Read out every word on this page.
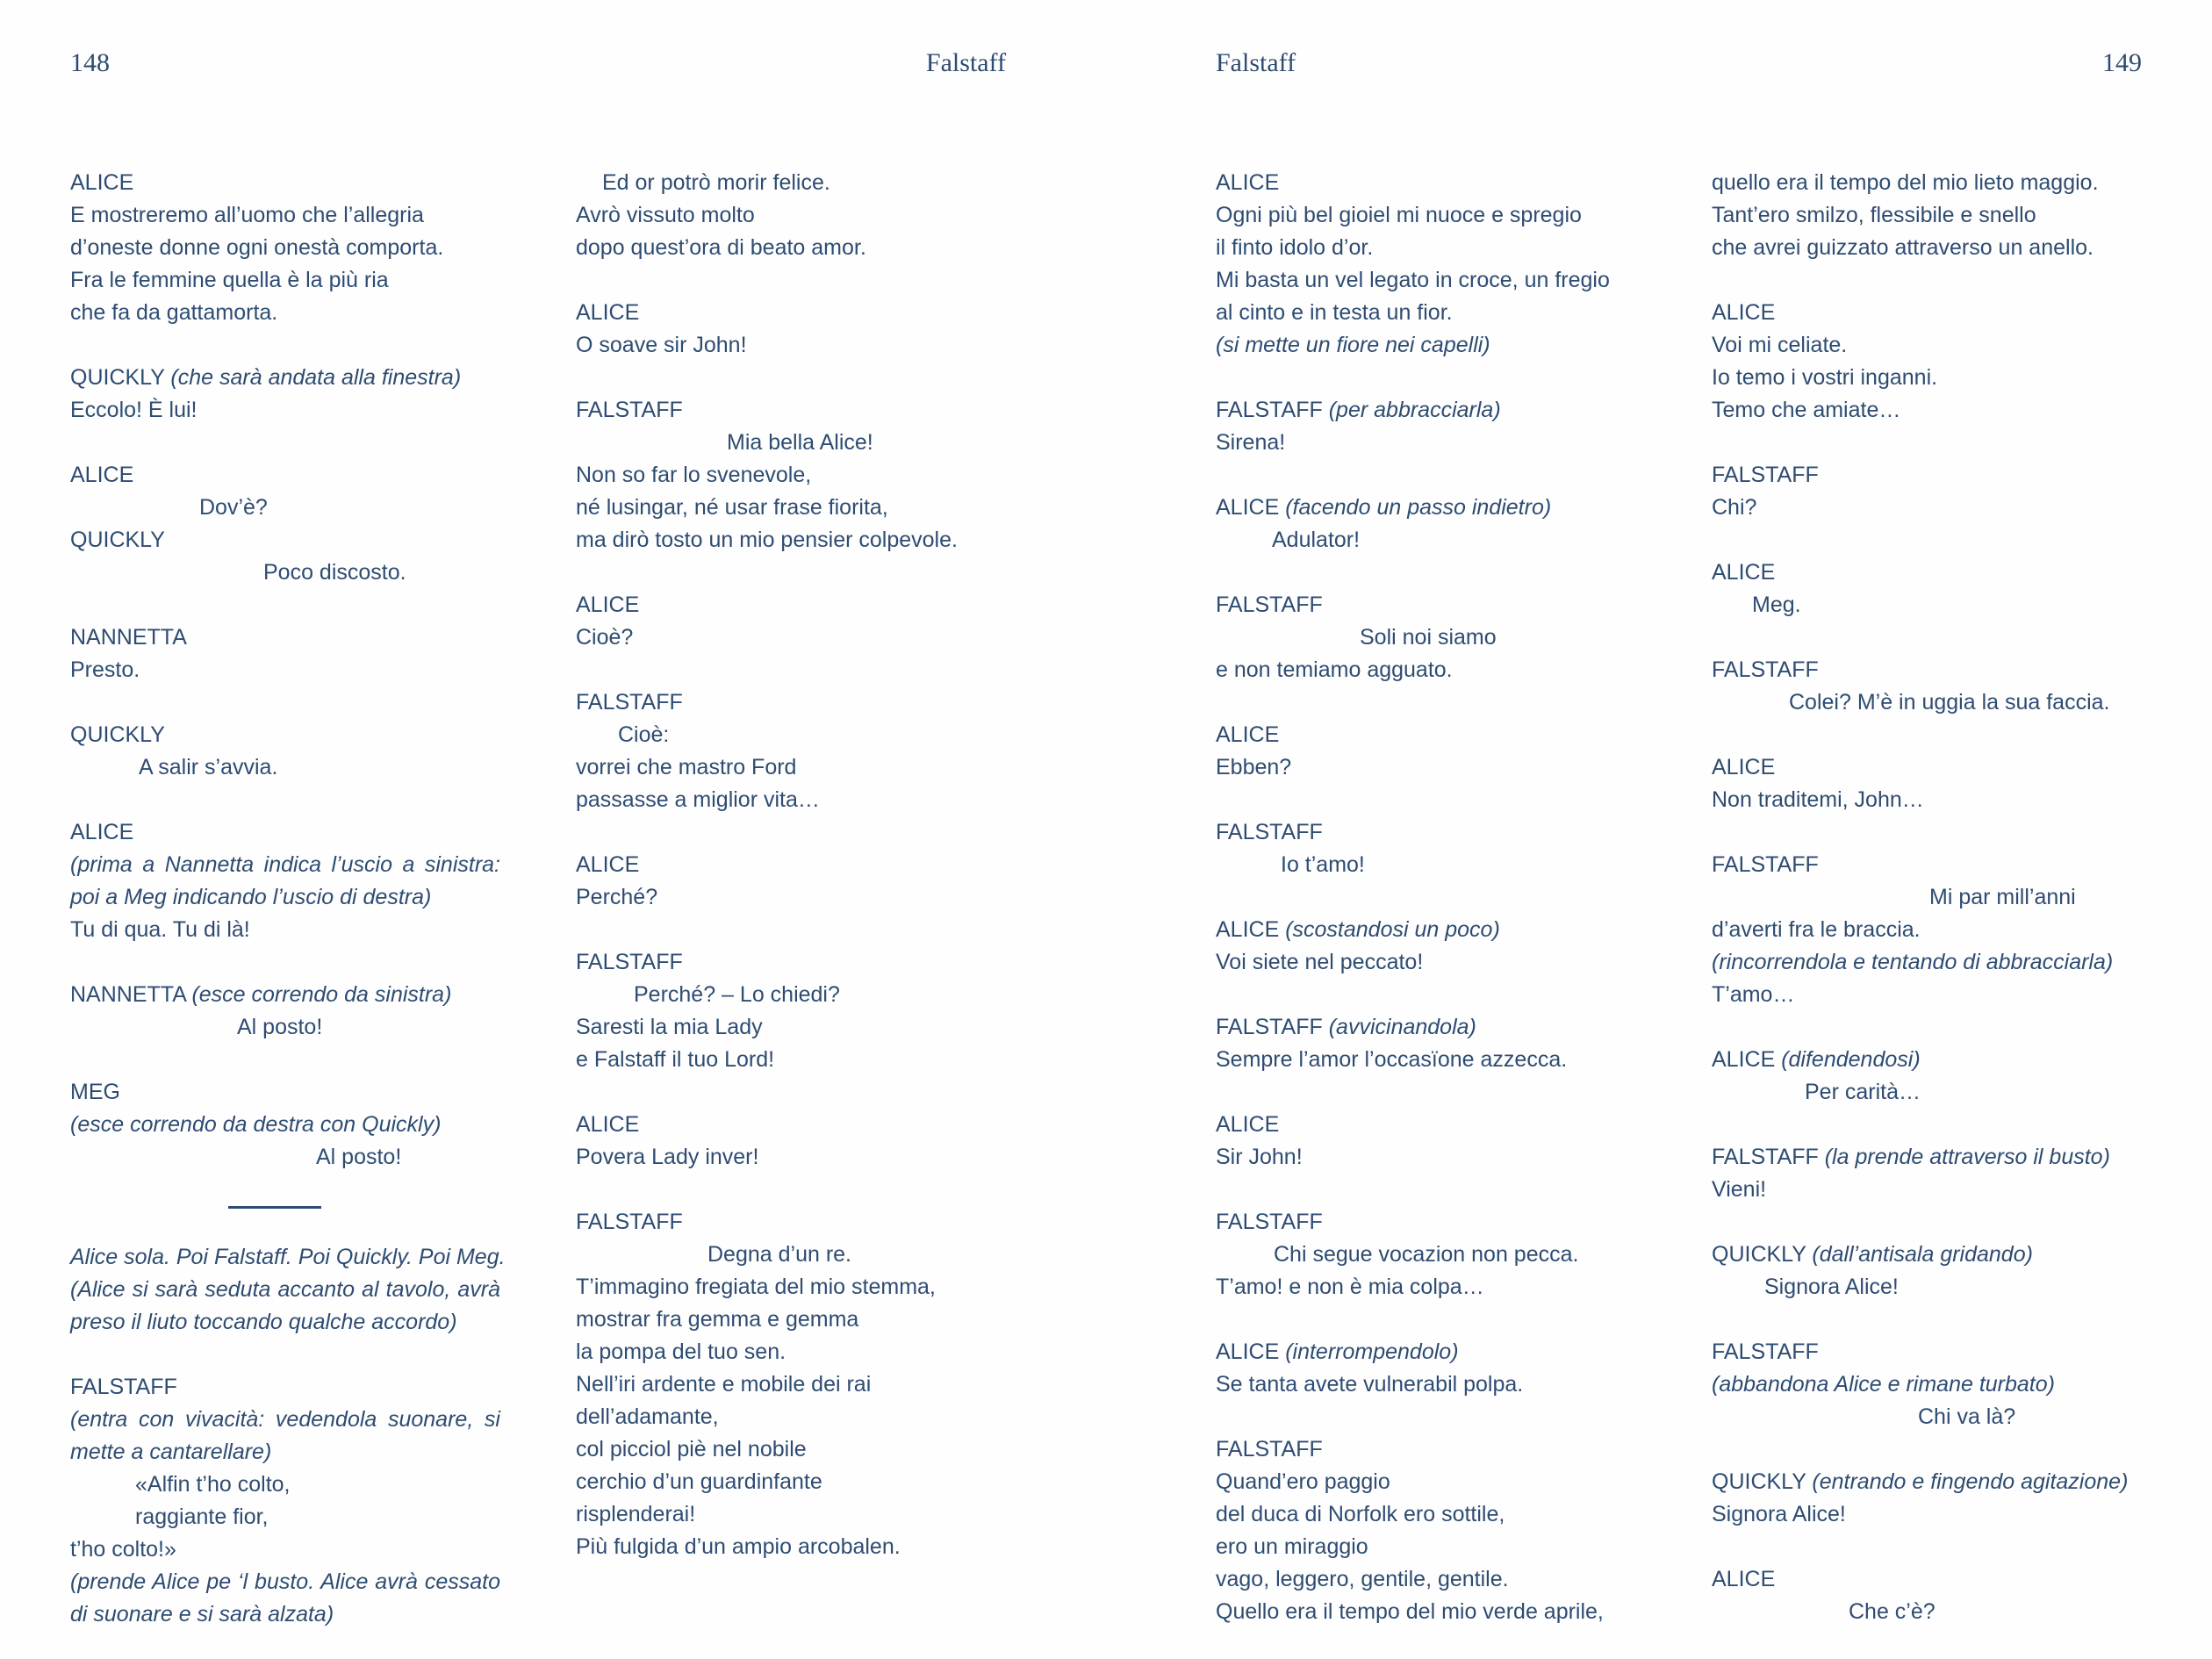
148	Falstaff
ALICE
E mostreremo all’uomo che l’allegria
d’oneste donne ogni onestà comporta.
Fra le femmine quella è la più ria
che fa da gattamorta.
QUICKLY (che sarà andata alla finestra)
Eccolo! È lui!
ALICE
Dov’è?
QUICKLY
Poco discosto.
NANNETTA
Presto.
QUICKLY
A salir s’avvia.
ALICE
(prima a Nannetta indica l’uscio a sinistra:
poi a Meg indicando l’uscio di destra)
Tu di qua. Tu di là!
NANNETTA (esce correndo da sinistra)
Al posto!
MEG
(esce correndo da destra con Quickly)
Al posto!
Alice sola. Poi Falstaff. Poi Quickly. Poi Meg.
(Alice si sarà seduta accanto al tavolo, avrà
preso il liuto toccando qualche accordo)
FALSTAFF
(entra con vivacità: vedendola suonare, si
mette a cantarellare)
«Alfin t’ho colto,
raggiante fior,
t’ho colto!»
(prende Alice pe ‘l busto. Alice avrà cessato
di suonare e si sarà alzata)
Ed or potrò morir felice.
Avrò vissuto molto
dopo quest’ora di beato amor.
ALICE
O soave sir John!
FALSTAFF
Mia bella Alice!
Non so far lo svenevole,
né lusingar, né usar frase fiorita,
ma dirò tosto un mio pensier colpevole.
ALICE
Cioè?
FALSTAFF
Cioè:
vorrei che mastro Ford
passasse a miglior vita…
ALICE
Perché?
FALSTAFF
Perché? – Lo chiedi?
Saresti la mia Lady
e Falstaff il tuo Lord!
ALICE
Povera Lady inver!
FALSTAFF
Degna d’un re.
T’immagino fregiata del mio stemma,
mostrar fra gemma e gemma
la pompa del tuo sen.
Nell’iri ardente e mobile dei rai
dell’adamante,
col picciol piè nel nobile
cerchio d’un guardinfante
risplenderai!
Più fulgida d’un ampio arcobalen.
Falstaff	149
ALICE
Ogni più bel gioiel mi nuoce e spregio
il finto idolo d’or.
Mi basta un vel legato in croce, un fregio
al cinto e in testa un fior.
(si mette un fiore nei capelli)
FALSTAFF (per abbracciarla)
Sirena!
ALICE (facendo un passo indietro)
Adulator!
FALSTAFF
Soli noi siamo
e non temiamo agguato.
ALICE
Ebben?
FALSTAFF
Io t’amo!
ALICE (scostandosi un poco)
Voi siete nel peccato!
FALSTAFF (avvicinandola)
Sempre l’amor l’occasïone azzecca.
ALICE
Sir John!
FALSTAFF
Chi segue vocazion non pecca.
T’amo! e non è mia colpa…
ALICE (interrompendolo)
Se tanta avete vulnerabil polpa.
FALSTAFF
Quand’ero paggio
del duca di Norfolk ero sottile,
ero un miraggio
vago, leggero, gentile, gentile.
Quello era il tempo del mio verde aprile,
quello era il tempo del mio lieto maggio.
Tant’ero smilzo, flessibile e snello
che avrei guizzato attraverso un anello.
ALICE
Voi mi celiate.
Io temo i vostri inganni.
Temo che amiate…
FALSTAFF
Chi?
ALICE
Meg.
FALSTAFF
Colei? M’è in uggia la sua faccia.
ALICE
Non traditemi, John…
FALSTAFF
Mi par mill’anni
d’averti fra le braccia.
(rincorrendola e tentando di abbracciarla)
T’amo…
ALICE (difendendosi)
Per carità…
FALSTAFF (la prende attraverso il busto)
Vieni!
QUICKLY (dall’antisala gridando)
Signora Alice!
FALSTAFF
(abbandona Alice e rimane turbato)
Chi va là?
QUICKLY (entrando e fingendo agitazione)
Signora Alice!
ALICE
Che c’è?
